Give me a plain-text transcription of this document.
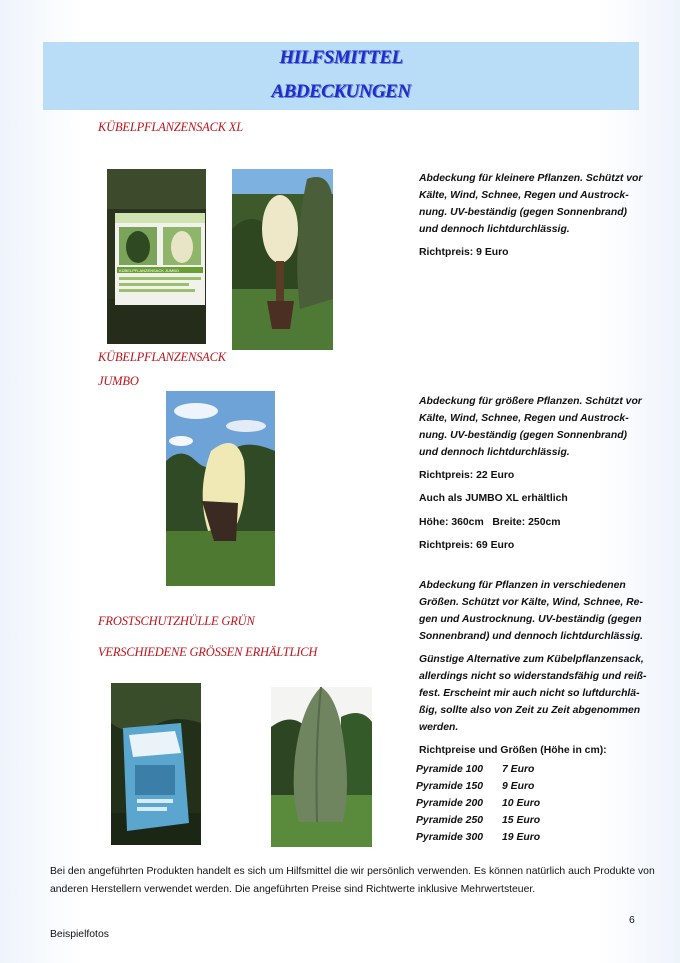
HILFSMITTEL
ABDECKUNGEN
KÜBELPFLANZENSACK XL
KÜBELPFLANZENSACK JUMBO

Abdeckung für kleinere Pflanzen. Schützt vor

Kälte, Wind, Schnee, Regen und Austrock-

nung. UV-beständig (gegen Sonnenbrand)

und dennoch lichtdurchlässig.

Richtpreis: 9 Euro
KÜBELPFLANZENSACK
JUMBO

Abdeckung für größere Pflanzen. Schützt vor

Kälte, Wind, Schnee, Regen und Austrock-

nung. UV-beständig (gegen Sonnenbrand)

und dennoch lichtdurchlässig.

Richtpreis: 22 Euro
Auch als JUMBO XL erhältlich
Höhe: 360cm   Breite: 250cm
Richtpreis: 69 Euro
FROSTSCHUTZHÜLLE GRÜN
VERSCHIEDENE GRÖSSEN ERHÄLTLICH

Abdeckung für Pflanzen in verschiedenen

Größen. Schützt vor Kälte, Wind, Schnee, Re-

gen und Austrocknung. UV-beständig (gegen

Sonnenbrand) und dennoch lichtdurchlässig.

Günstige Alternative zum Kübelpflanzensack,

allerdings nicht so widerstandsfähig und reiß-

fest. Erscheint mir auch nicht so luftdurchlä-

ßig, sollte also von Zeit zu Zeit abgenommen

werden.

Richtpreise und Größen (Höhe in cm):
Pyramide 100 7 Euro
Pyramide 150 9 Euro
Pyramide 200 10 Euro
Pyramide 250 15 Euro
Pyramide 300 19 Euro
Bei den angeführten Produkten handelt es sich um Hilfsmittel die wir persönlich verwenden. Es können natürlich auch Produkte von
anderen Herstellern verwendet werden. Die angeführten Preise sind Richtwerte inklusive Mehrwertsteuer.
6
Beispielfotos
